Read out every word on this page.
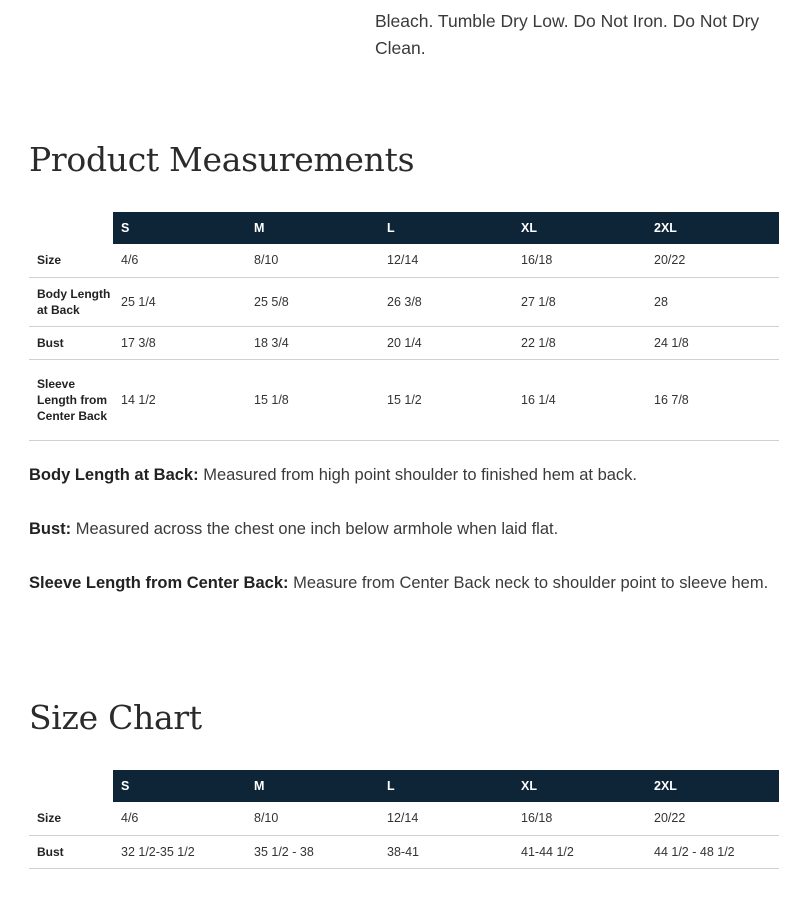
Bleach. Tumble Dry Low. Do Not Iron. Do Not Dry Clean.
Product Measurements
	S	M	L	XL	2XL
Size	4/6	8/10	12/14	16/18	20/22
Body Length at Back	25 1/4	25 5/8	26 3/8	27 1/8	28
Bust	17 3/8	18 3/4	20 1/4	22 1/8	24 1/8
Sleeve Length from Center Back	14 1/2	15 1/8	15 1/2	16 1/4	16 7/8

Body Length at Back: Measured from high point shoulder to finished hem at back.

Bust: Measured across the chest one inch below armhole when laid flat.

Sleeve Length from Center Back: Measure from Center Back neck to shoulder point to sleeve hem.

Size Chart
	S	M	L	XL	2XL
Size	4/6	8/10	12/14	16/18	20/22
Bust	32 1/2-35 1/2	35 1/2 - 38	38-41	41-44 1/2	44 1/2 - 48 1/2
